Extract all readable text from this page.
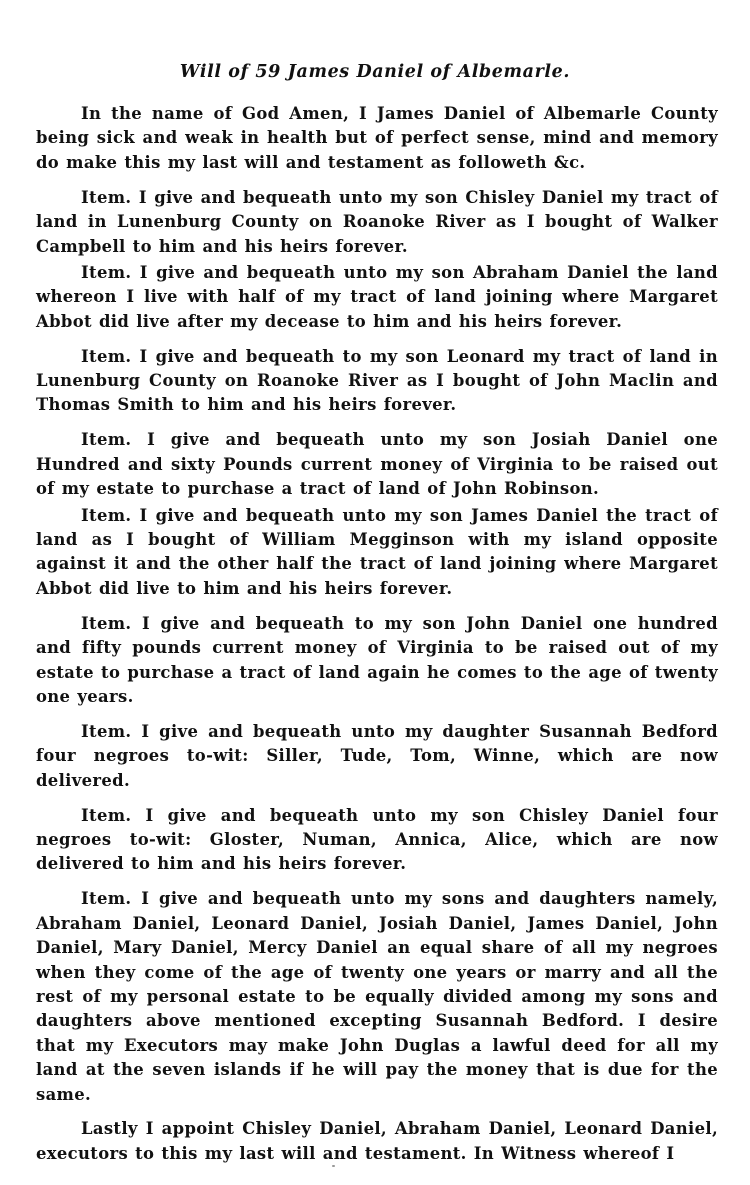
Will of 59 James Daniel of Albemarle.

In the name of God Amen, I James Daniel of Albemarle County being sick and weak in health but of perfect sense, mind and memory do make this my last will and testament as followeth &c.

Item. I give and bequeath unto my son Chisley Daniel my tract of land in Lunenburg County on Roanoke River as I bought of Walker Campbell to him and his heirs forever.

Item. I give and bequeath unto my son Abraham Daniel the land whereon I live with half of my tract of land joining where Margaret Abbot did live after my decease to him and his heirs forever.

Item. I give and bequeath to my son Leonard my tract of land in Lunenburg County on Roanoke River as I bought of John Maclin and Thomas Smith to him and his heirs forever.

Item. I give and bequeath unto my son Josiah Daniel one Hundred and sixty Pounds current money of Virginia to be raised out of my estate to purchase a tract of land of John Robinson.

Item. I give and bequeath unto my son James Daniel the tract of land as I bought of William Megginson with my island opposite against it and the other half the tract of land joining where Margaret Abbot did live to him and his heirs forever.

Item. I give and bequeath to my son John Daniel one hundred and fifty pounds current money of Virginia to be raised out of my estate to purchase a tract of land again he comes to the age of twenty one years.

Item. I give and bequeath unto my daughter Susannah Bedford four negroes to-wit: Siller, Tude, Tom, Winne, which are now delivered.

Item. I give and bequeath unto my son Chisley Daniel four negroes to-wit: Gloster, Numan, Annica, Alice, which are now delivered to him and his heirs forever.

Item. I give and bequeath unto my sons and daughters namely, Abraham Daniel, Leonard Daniel, Josiah Daniel, James Daniel, John Daniel, Mary Daniel, Mercy Daniel an equal share of all my negroes when they come of the age of twenty one years or marry and all the rest of my personal estate to be equally divided among my sons and daughters above mentioned excepting Susannah Bedford. I desire that my Executors may make John Duglas a lawful deed for all my land at the seven islands if he will pay the money that is due for the same.

Lastly I appoint Chisley Daniel, Abraham Daniel, Leonard Daniel, executors to this my last will and testament. In Witness whereof I
